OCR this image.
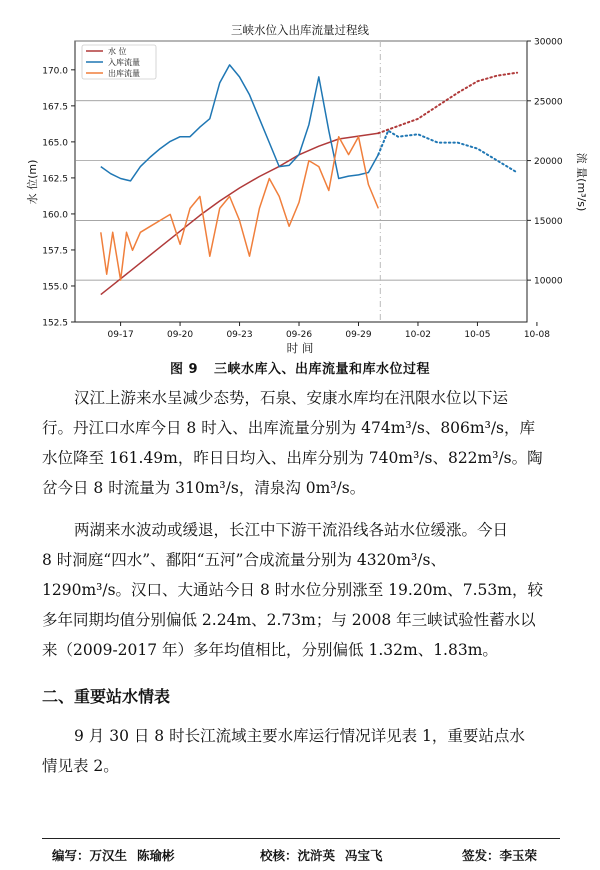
三峡水位入出库流量过程线
152.5
155.0
157.5
160.0
162.5
165.0
167.5
170.0
10000
15000
20000
25000
30000
09-17	09-20	09-23	09-26	09-29	10-02	10-05	10-08
水 位(m)	流 量(m³/s)
时 间
水 位
入库流量
出库流量
图 9 三峡水库入、出库流量和库水位过程
汉江上游来水呈减少态势，石泉、安康水库均在汛限水位以下运
行。丹江口水库今日 8 时入、出库流量分别为 474m³/s、806m³/s，库
水位降至 161.49m，昨日日均入、出库分别为 740m³/s、822m³/s。陶
岔今日 8 时流量为 310m³/s，清泉沟 0m³/s。
两湖来水波动或缓退，长江中下游干流沿线各站水位缓涨。今日
8 时洞庭“四水”、鄱阳“五河”合成流量分别为 4320m³/s、
1290m³/s。汉口、大通站今日 8 时水位分别涨至 19.20m、7.53m，较
多年同期均值分别偏低 2.24m、2.73m；与 2008 年三峡试验性蓄水以
来（2009-2017 年）多年均值相比，分别偏低 1.32m、1.83m。
二、重要站水情表
9 月 30 日 8 时长江流域主要水库运行情况详见表 1，重要站点水
情见表 2。
编写：万汉生 陈瑜彬	校核：沈浒英 冯宝飞	签发：李玉荣
